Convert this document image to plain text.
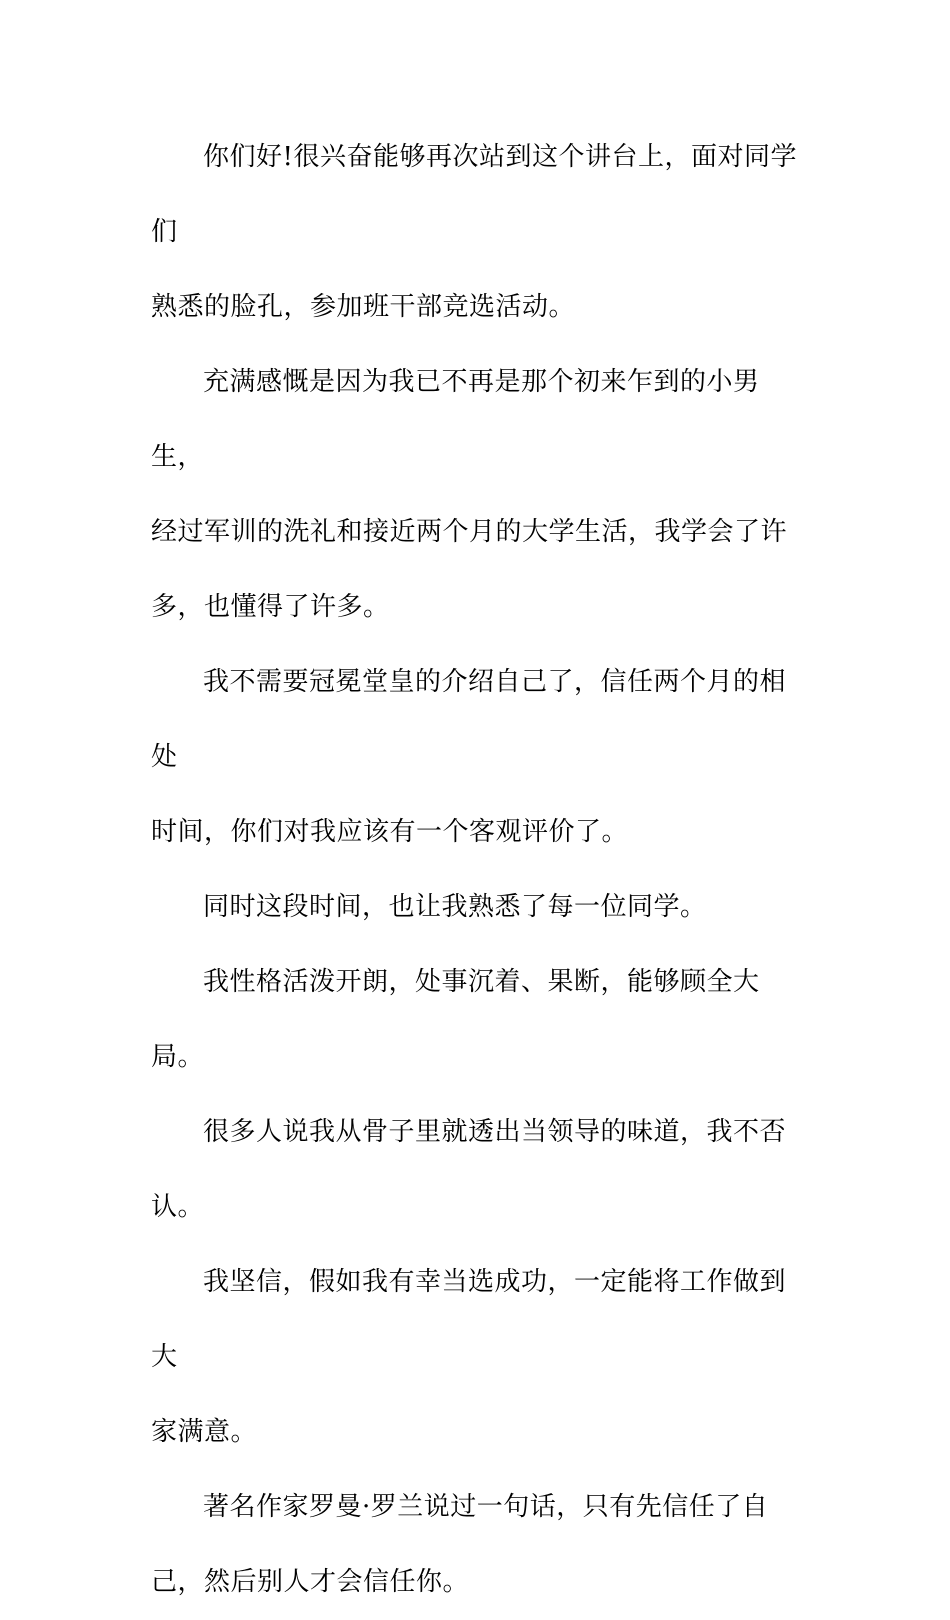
你们好!很兴奋能够再次站到这个讲台上，面对同学们
熟悉的脸孔，参加班干部竞选活动。

充满感慨是因为我已不再是那个初来乍到的小男生，
经过军训的洗礼和接近两个月的大学生活，我学会了许
多，也懂得了许多。

我不需要冠冕堂皇的介绍自己了，信任两个月的相处
时间，你们对我应该有一个客观评价了。

同时这段时间，也让我熟悉了每一位同学。

我性格活泼开朗，处事沉着、果断，能够顾全大局。

很多人说我从骨子里就透出当领导的味道，我不否
认。

我坚信，假如我有幸当选成功，一定能将工作做到大
家满意。

著名作家罗曼·罗兰说过一句话，只有先信任了自
己，然后别人才会信任你。
